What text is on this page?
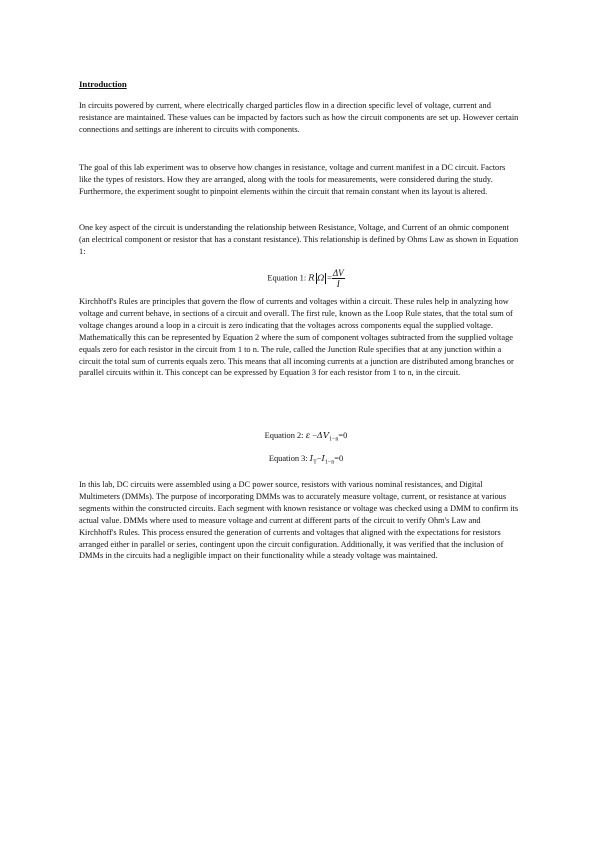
Introduction

In circuits powered by current, where electrically charged particles flow in a direction specific level of voltage, current and resistance are maintained. These values can be impacted by factors such as how the circuit components are set up. However certain connections and settings are inherent to circuits with components.

The goal of this lab experiment was to observe how changes in resistance, voltage and current manifest in a DC circuit. Factors like the types of resistors. How they are arranged, along with the tools for measurements, were considered during the study. Furthermore, the experiment sought to pinpoint elements within the circuit that remain constant when its layout is altered.

One key aspect of the circuit is understanding the relationship between Resistance, Voltage, and Current of an ohmic component (an electrical component or resistor that has a constant resistance). This relationship is defined by Ohms Law as shown in Equation 1:

Equation 1: R $\Omega = \frac{\Delta V}{I}$

Kirchhoff's Rules are principles that govern the flow of currents and voltages within a circuit. These rules help in analyzing how voltage and current behave, in sections of a circuit and overall. The first rule, known as the Loop Rule states, that the total sum of voltage changes around a loop in a circuit is zero indicating that the voltages across components equal the supplied voltage. Mathematically this can be represented by Equation 2 where the sum of component voltages subtracted from the supplied voltage equals zero for each resistor in the circuit from 1 to n. The rule, called the Junction Rule specifies that at any junction within a circuit the total sum of currents equals zero. This means that all incoming currents at a junction are distributed among branches or parallel circuits within it. This concept can be expressed by Equation 3 for each resistor from 1 to n, in the circuit.

Equation 2: $\varepsilon -\Delta V_{1-n}=0$
Equation 3: $I_T-I_{1-n}=0$

In this lab, DC circuits were assembled using a DC power source, resistors with various nominal resistances, and Digital Multimeters (DMMs). The purpose of incorporating DMMs was to accurately measure voltage, current, or resistance at various segments within the constructed circuits. Each segment with known resistance or voltage was checked using a DMM to confirm its actual value. DMMs where used to measure voltage and current at different parts of the circuit to verify Ohm's Law and Kirchhoff's Rules. This process ensured the generation of currents and voltages that aligned with the expectations for resistors arranged either in parallel or series, contingent upon the circuit configuration. Additionally, it was verified that the inclusion of DMMs in the circuits had a negligible impact on their functionality while a steady voltage was maintained.
